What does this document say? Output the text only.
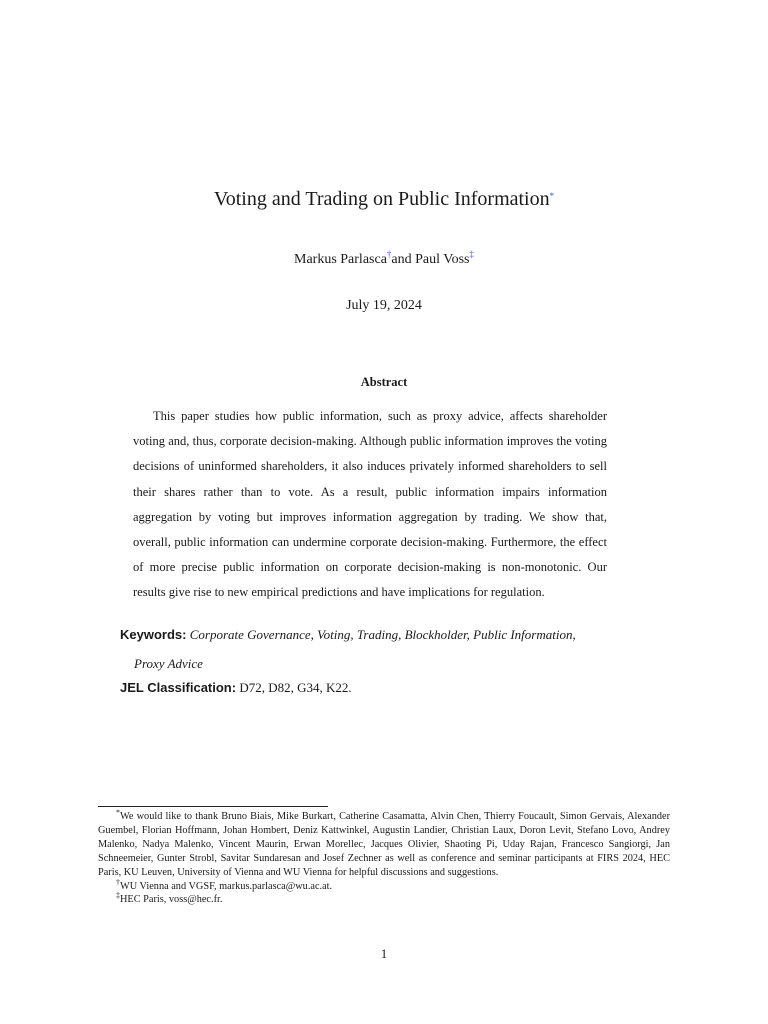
Voting and Trading on Public Information*
Markus Parlasca†and Paul Voss‡
July 19, 2024
Abstract
This paper studies how public information, such as proxy advice, affects shareholder voting and, thus, corporate decision-making. Although public information improves the voting decisions of uninformed shareholders, it also induces privately informed shareholders to sell their shares rather than to vote. As a result, public information impairs information aggregation by voting but improves information aggregation by trading. We show that, overall, public information can undermine corporate decision-making. Furthermore, the effect of more precise public information on corporate decision-making is non-monotonic. Our results give rise to new empirical predictions and have implications for regulation.
Keywords: Corporate Governance, Voting, Trading, Blockholder, Public Information,
Proxy Advice
JEL Classification: D72, D82, G34, K22.

*We would like to thank Bruno Biais, Mike Burkart, Catherine Casamatta, Alvin Chen, Thierry Foucault, Simon Gervais, Alexander Guembel, Florian Hoffmann, Johan Hombert, Deniz Kattwinkel, Augustin Landier, Christian Laux, Doron Levit, Stefano Lovo, Andrey Malenko, Nadya Malenko, Vincent Maurin, Erwan Morellec, Jacques Olivier, Shaoting Pi, Uday Rajan, Francesco Sangiorgi, Jan Schneemeier, Gunter Strobl, Savitar Sundaresan and Josef Zechner as well as conference and seminar participants at FIRS 2024, HEC Paris, KU Leuven, University of Vienna and WU Vienna for helpful discussions and suggestions.

†WU Vienna and VGSF, markus.parlasca@wu.ac.at.

‡HEC Paris, voss@hec.fr.

1
